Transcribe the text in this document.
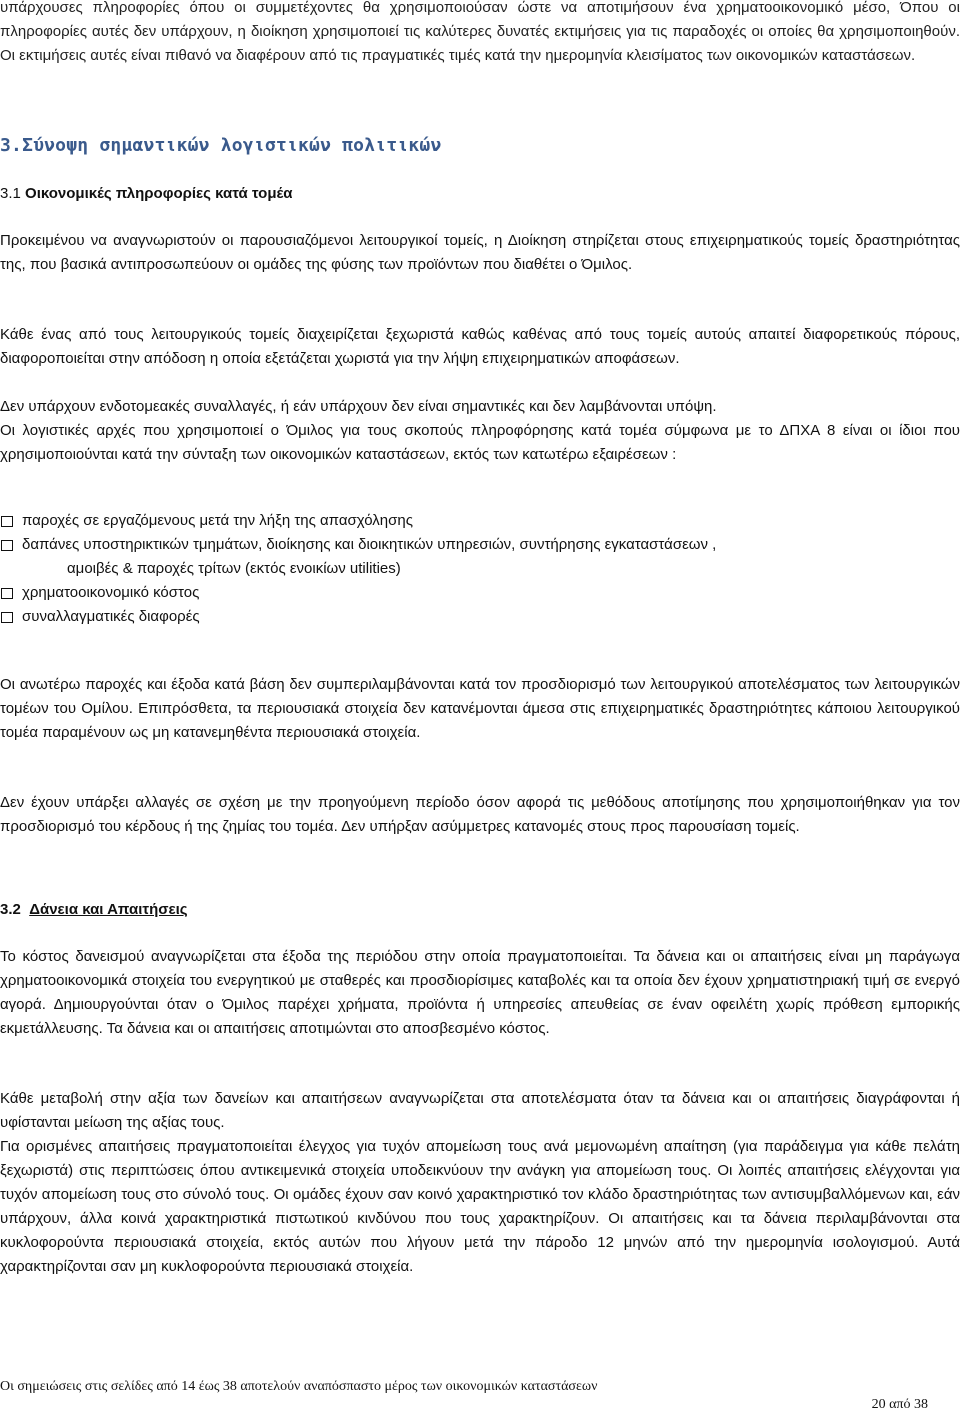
υπάρχουσες πληροφορίες όπου οι συμμετέχοντες θα χρησιμοποιούσαν ώστε να αποτιμήσουν ένα χρηματοοικονομικό μέσο, Όπου οι πληροφορίες αυτές δεν υπάρχουν, η διοίκηση χρησιμοποιεί τις καλύτερες δυνατές εκτιμήσεις για τις παραδοχές οι οποίες θα χρησιμοποιηθούν. Οι εκτιμήσεις αυτές είναι πιθανό να διαφέρουν από τις πραγματικές τιμές κατά την ημερομηνία κλεισίματος των οικονομικών καταστάσεων.
3.Σύνοψη σημαντικών λογιστικών πολιτικών
3.1 Οικονομικές πληροφορίες κατά τομέα
Προκειμένου να αναγνωριστούν οι παρουσιαζόμενοι λειτουργικοί τομείς, η Διοίκηση στηρίζεται στους επιχειρηματικούς τομείς δραστηριότητας της, που βασικά αντιπροσωπεύουν οι ομάδες της φύσης των προϊόντων που διαθέτει ο Όμιλος.
Κάθε ένας από τους λειτουργικούς τομείς διαχειρίζεται ξεχωριστά καθώς καθένας από τους τομείς αυτούς απαιτεί διαφορετικούς πόρους, διαφοροποιείται στην απόδοση η οποία εξετάζεται χωριστά για την λήψη επιχειρηματικών αποφάσεων.
Δεν υπάρχουν ενδοτομεακές συναλλαγές, ή εάν υπάρχουν δεν είναι σημαντικές και δεν λαμβάνονται υπόψη.
Οι λογιστικές αρχές που χρησιμοποιεί ο Όμιλος για τους σκοπούς πληροφόρησης κατά τομέα σύμφωνα με το ΔΠΧΑ 8 είναι οι ίδιοι που χρησιμοποιούνται κατά την σύνταξη των οικονομικών καταστάσεων, εκτός των κατωτέρω εξαιρέσεων :
παροχές σε εργαζόμενους μετά την λήξη της απασχόλησης
δαπάνες υποστηρικτικών τμημάτων, διοίκησης και διοικητικών υπηρεσιών, συντήρησης εγκαταστάσεων ,
αμοιβές & παροχές τρίτων (εκτός ενοικίων utilities)
χρηματοοικονομικό κόστος
συναλλαγματικές διαφορές
Οι ανωτέρω παροχές και έξοδα κατά βάση δεν συμπεριλαμβάνονται κατά τον προσδιορισμό των λειτουργικού αποτελέσματος των λειτουργικών τομέων του Ομίλου. Επιπρόσθετα, τα περιουσιακά στοιχεία δεν κατανέμονται άμεσα στις επιχειρηματικές δραστηριότητες κάποιου λειτουργικού τομέα παραμένουν ως μη κατανεμηθέντα περιουσιακά στοιχεία.
Δεν έχουν υπάρξει αλλαγές σε σχέση με την προηγούμενη περίοδο όσον αφορά τις μεθόδους αποτίμησης που χρησιμοποιήθηκαν για τον προσδιορισμό του κέρδους ή της ζημίας του τομέα. Δεν υπήρξαν ασύμμετρες κατανομές στους προς παρουσίαση τομείς.
3.2 Δάνεια και Απαιτήσεις
Το κόστος δανεισμού αναγνωρίζεται στα έξοδα της περιόδου στην οποία πραγματοποιείται. Τα δάνεια και οι απαιτήσεις είναι μη παράγωγα χρηματοοικονομικά στοιχεία του ενεργητικού με σταθερές και προσδιορίσιμες καταβολές και τα οποία δεν έχουν χρηματιστηριακή τιμή σε ενεργό αγορά. Δημιουργούνται όταν ο Όμιλος παρέχει χρήματα, προϊόντα ή υπηρεσίες απευθείας σε έναν οφειλέτη χωρίς πρόθεση εμπορικής εκμετάλλευσης. Τα δάνεια και οι απαιτήσεις αποτιμώνται στο αποσβεσμένο κόστος.
Κάθε μεταβολή στην αξία των δανείων και απαιτήσεων αναγνωρίζεται στα αποτελέσματα όταν τα δάνεια και οι απαιτήσεις διαγράφονται ή υφίστανται μείωση της αξίας τους.
Για ορισμένες απαιτήσεις πραγματοποιείται έλεγχος για τυχόν απομείωση τους ανά μεμονωμένη απαίτηση (για παράδειγμα για κάθε πελάτη ξεχωριστά) στις περιπτώσεις όπου αντικειμενικά στοιχεία υποδεικνύουν την ανάγκη για απομείωση τους. Οι λοιπές απαιτήσεις ελέγχονται για τυχόν απομείωση τους στο σύνολό τους. Οι ομάδες έχουν σαν κοινό χαρακτηριστικό τον κλάδο δραστηριότητας των αντισυμβαλλόμενων και, εάν υπάρχουν, άλλα κοινά χαρακτηριστικά πιστωτικού κινδύνου που τους χαρακτηρίζουν. Οι απαιτήσεις και τα δάνεια περιλαμβάνονται στα κυκλοφορούντα περιουσιακά στοιχεία, εκτός αυτών που λήγουν μετά την πάροδο 12 μηνών από την ημερομηνία ισολογισμού. Αυτά χαρακτηρίζονται σαν μη κυκλοφορούντα περιουσιακά στοιχεία.
Οι σημειώσεις στις σελίδες από 14 έως 38 αποτελούν αναπόσπαστο μέρος των οικονομικών καταστάσεων
20 από 38
